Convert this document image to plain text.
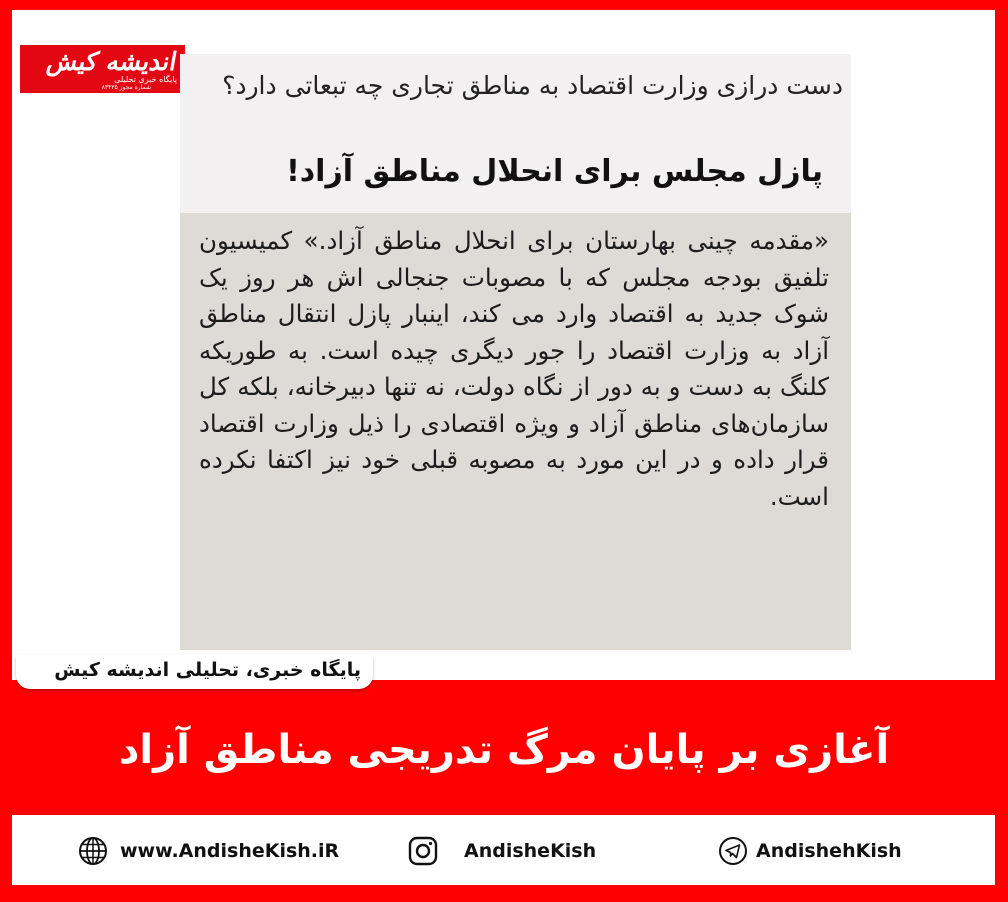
اندیشه کیش
پایگاه خبری تحلیلی
شماره مجوز ۸۳۴۳۵	دست درازی وزارت اقتصاد به مناطق تجاری چه تبعاتی دارد؟
پازل مجلس برای انحلال مناطق آزاد!
«مقدمه چینی بهارستان برای انحلال مناطق آزاد.» کمیسیون تلفیق بودجه مجلس که با مصوبات جنجالی اش هر روز یک شوک جدید به اقتصاد وارد می کند، اینبار پازل انتقال مناطق آزاد به وزارت اقتصاد را جور دیگری چیده است. به طوریکه کلنگ به دست و به دور از نگاه دولت، نه تنها دبیرخانه، بلکه کل سازمان‌های مناطق آزاد و ویژه اقتصادی را ذیل وزارت اقتصاد قرار داده و در این مورد به مصوبه قبلی خود نیز اکتفا نکرده است.
پایگاه خبری، تحلیلی اندیشه کیش
آغازی بر پایان مرگ تدریجی مناطق آزاد
www.AndisheKish.iR	AndisheKish	AndishehKish
